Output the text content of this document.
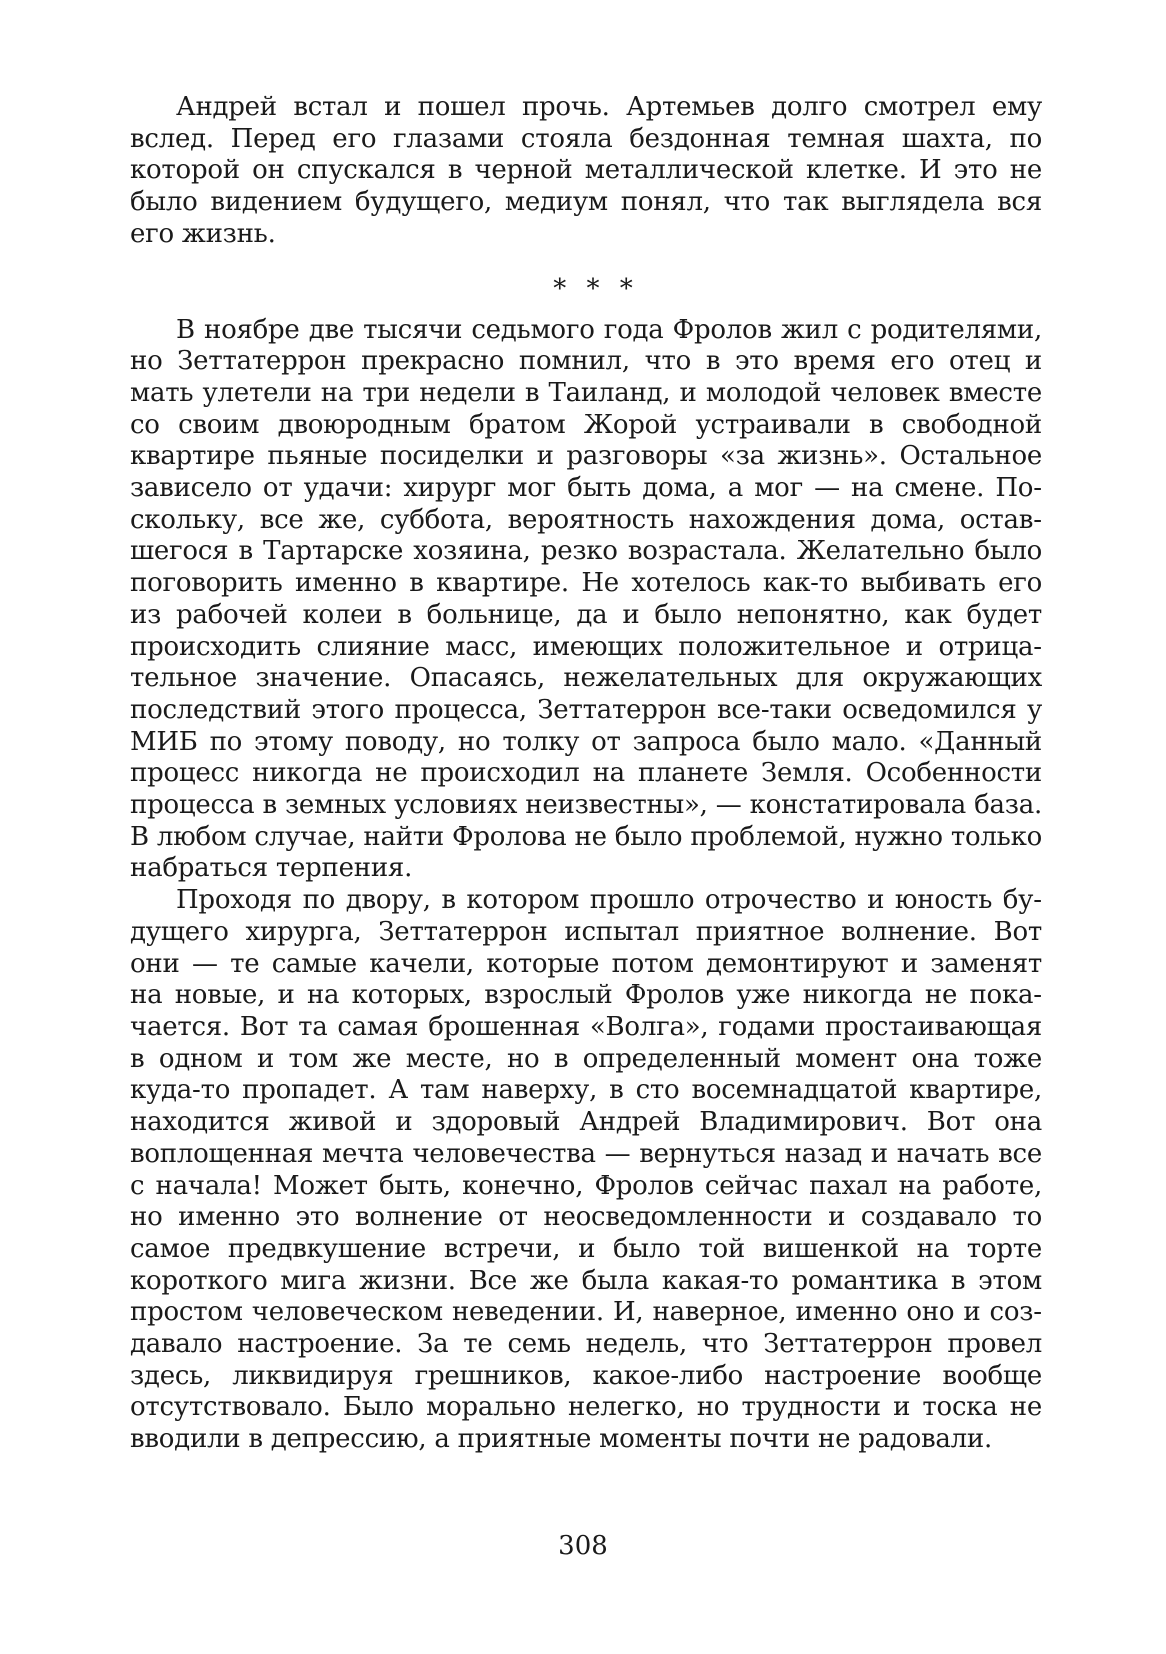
Андрей встал и пошел прочь. Артемьев долго смотрел ему вслед. Перед его глазами стояла бездонная темная шахта, по которой он спускался в черной металлической клетке. И это не было видением будущего, медиум понял, что так выглядела вся его жизнь.

* * *

В ноябре две тысячи седьмого года Фролов жил с родителями, но Зеттатеррон прекрасно помнил, что в это время его отец и мать улетели на три недели в Таиланд, и молодой человек вместе со своим двоюродным братом Жорой устраивали в свободной квартире пьяные посиделки и разговоры «за жизнь». Остальное зависело от удачи: хирург мог быть дома, а мог — на смене. Поскольку, все же, суббота, вероятность нахождения дома, оставшегося в Тартарске хозяина, резко возрастала. Желательно было поговорить именно в квартире. Не хотелось как-то выбивать его из рабочей колеи в больнице, да и было непонятно, как будет происходить слияние масс, имеющих положительное и отрицательное значение. Опасаясь, нежелательных для окружающих последствий этого процесса, Зеттатеррон все-таки осведомился у МИБ по этому поводу, но толку от запроса было мало. «Данный процесс никогда не происходил на планете Земля. Особенности процесса в земных условиях неизвестны», — констатировала база. В любом случае, найти Фролова не было проблемой, нужно только набраться терпения.

Проходя по двору, в котором прошло отрочество и юность будущего хирурга, Зеттатеррон испытал приятное волнение. Вот они — те самые качели, которые потом демонтируют и заменят на новые, и на которых, взрослый Фролов уже никогда не покачается. Вот та самая брошенная «Волга», годами простаивающая в одном и том же месте, но в определенный момент она тоже куда-то пропадет. А там наверху, в сто восемнадцатой квартире, находится живой и здоровый Андрей Владимирович. Вот она воплощенная мечта человечества — вернуться назад и начать все с начала! Может быть, конечно, Фролов сейчас пахал на работе, но именно это волнение от неосведомленности и создавало то самое предвкушение встречи, и было той вишенкой на торте короткого мига жизни. Все же была какая-то романтика в этом простом человеческом неведении. И, наверное, именно оно и создавало настроение. За те семь недель, что Зеттатеррон провел здесь, ликвидируя грешников, какое-либо настроение вообще отсутствовало. Было морально нелегко, но трудности и тоска не вводили в депрессию, а приятные моменты почти не радовали.

308
